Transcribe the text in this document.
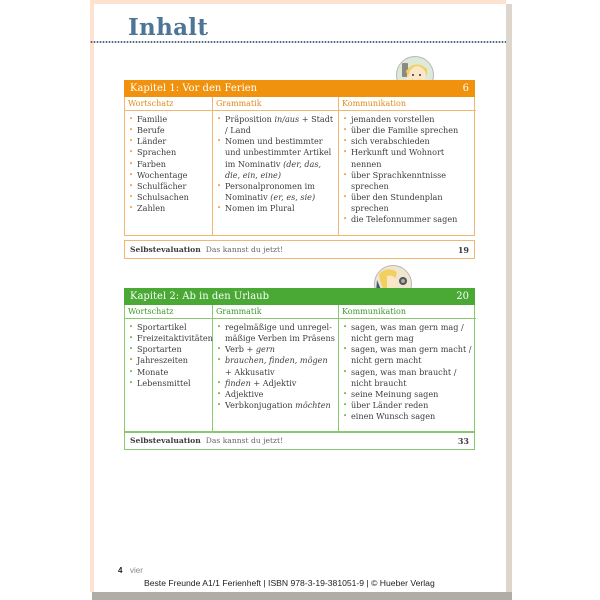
Inhalt
Kapitel 1: Vor den Ferien	6
Wortschatz
• Familie
• Berufe
• Länder
• Sprachen
• Farben
• Wochentage
• Schulfächer
• Schulsachen
• Zahlen
Grammatik
• Präposition in/aus + Stadt / Land
• Nomen und bestimmter und unbestimmter Artikel im Nominativ (der, das, die, ein, eine)
• Personalpronomen im Nominativ (er, es, sie)
• Nomen im Plural
Kommunikation
• jemanden vorstellen
• über die Familie sprechen
• sich verabschieden
• Herkunft und Wohnort nennen
• über Sprachkenntnisse sprechen
• über den Stundenplan sprechen
• die Telefonnummer sagen
Selbstevaluation Das kannst du jetzt!	19
Kapitel 2: Ab in den Urlaub	20
Wortschatz
• Sportartikel
• Freizeitaktivitäten
• Sportarten
• Jahreszeiten
• Monate
• Lebensmittel
Grammatik
• regelmäßige und unregel-mäßige Verben im Präsens
• Verb + gern
• brauchen, finden, mögen + Akkusativ
• finden + Adjektiv
• Adjektive
• Verbkonjugation möchten
Kommunikation
• sagen, was man gern mag / nicht gern mag
• sagen, was man gern macht / nicht gern macht
• sagen, was man braucht / nicht braucht
• seine Meinung sagen
• über Länder reden
• einen Wunsch sagen
Selbstevaluation Das kannst du jetzt!	33
4 vier
Beste Freunde A1/1 Ferienheft | ISBN 978-3-19-381051-9 | © Hueber Verlag
